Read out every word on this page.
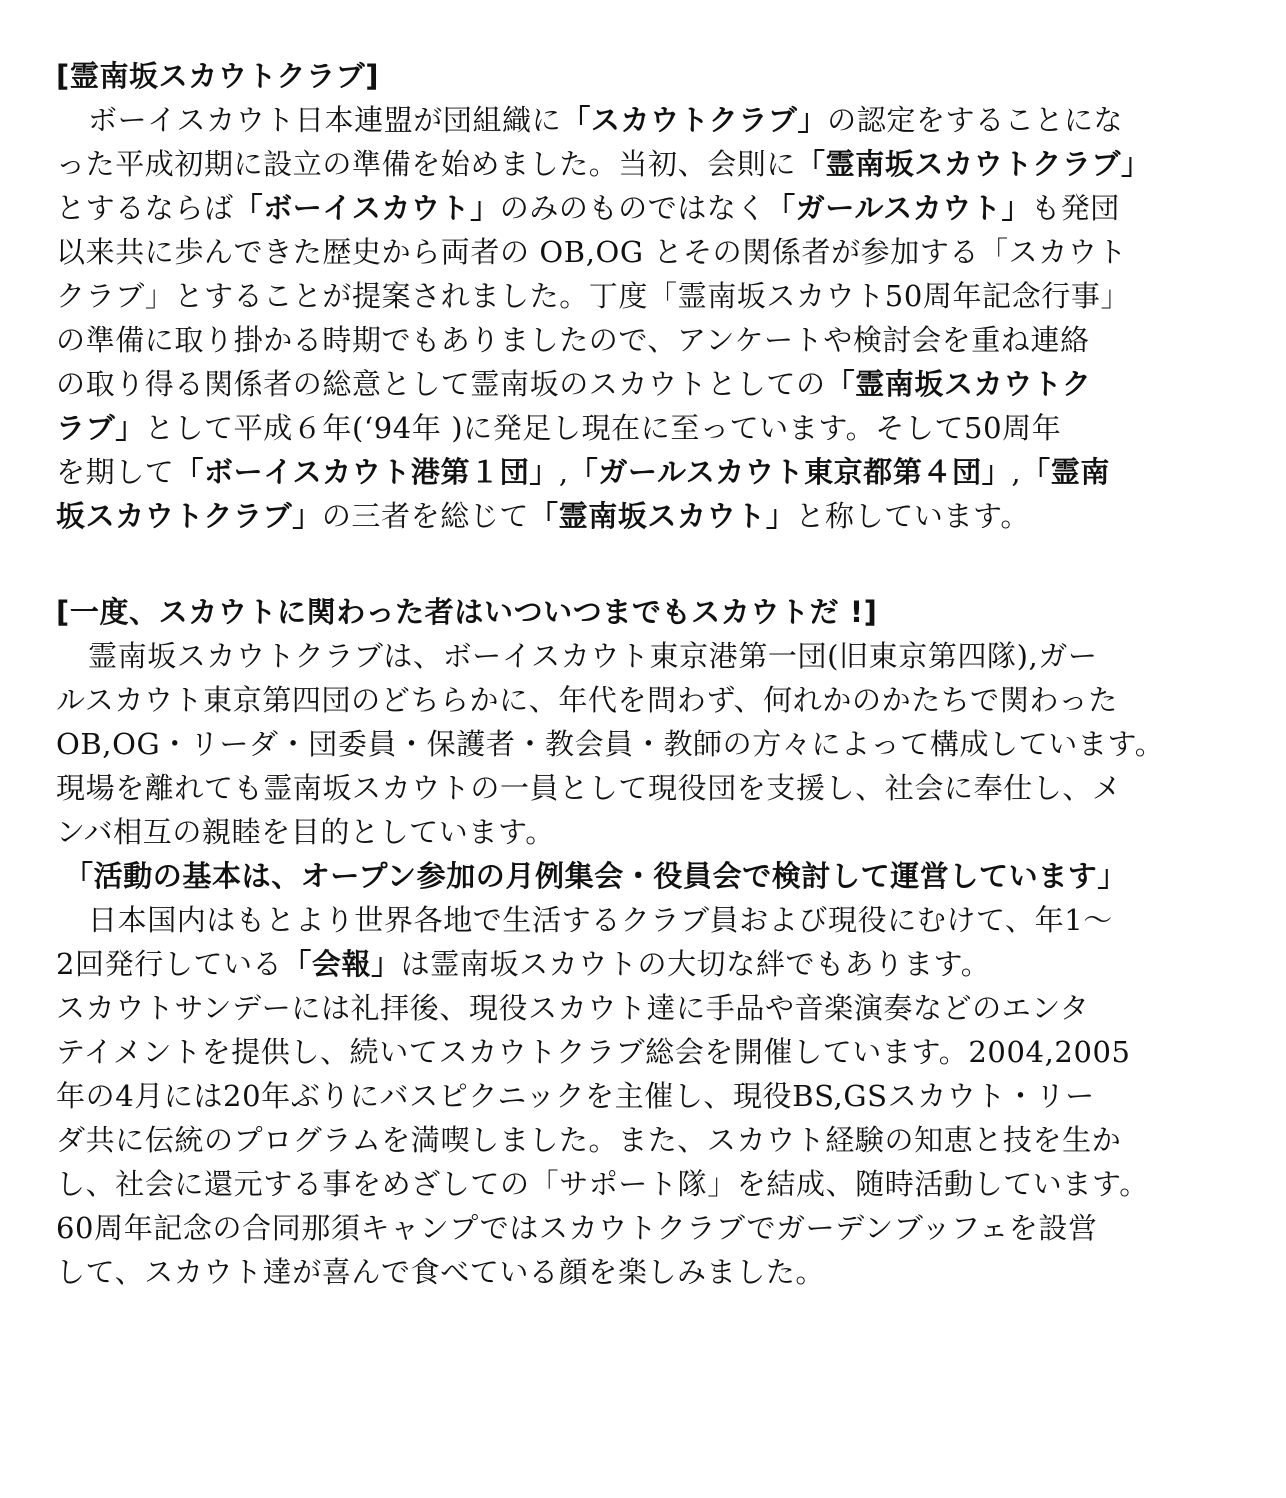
[霊南坂スカウトクラブ]
ボーイスカウト日本連盟が団組織に「スカウトクラブ」の認定をすることにな
った平成初期に設立の準備を始めました。当初、会則に「霊南坂スカウトクラブ」
とするならば「ボーイスカウト」のみのものではなく「ガールスカウト」も発団
以来共に歩んできた歴史から両者の OB,OG とその関係者が参加する「スカウト
クラブ」とすることが提案されました。丁度「霊南坂スカウト50周年記念行事」
の準備に取り掛かる時期でもありましたので、アンケートや検討会を重ね連絡
の取り得る関係者の総意として霊南坂のスカウトとしての「霊南坂スカウトク
ラブ」として平成６年(‘94年 )に発足し現在に至っています。そして50周年
を期して「ボーイスカウト港第１団」,「ガールスカウト東京都第４団」,「霊南
坂スカウトクラブ」の三者を総じて「霊南坂スカウト」と称しています。
[一度、スカウトに関わった者はいついつまでもスカウトだ !]
霊南坂スカウトクラブは、ボーイスカウト東京港第一団(旧東京第四隊),ガー
ルスカウト東京第四団のどちらかに、年代を問わず、何れかのかたちで関わった
OB,OG・リーダ・団委員・保護者・教会員・教師の方々によって構成しています。
現場を離れても霊南坂スカウトの一員として現役団を支援し、社会に奉仕し、メ
ンバ相互の親睦を目的としています。
「活動の基本は、オープン参加の月例集会・役員会で検討して運営しています」
日本国内はもとより世界各地で生活するクラブ員および現役にむけて、年1〜
2回発行している「会報」は霊南坂スカウトの大切な絆でもあります。
スカウトサンデーには礼拝後、現役スカウト達に手品や音楽演奏などのエンタ
テイメントを提供し、続いてスカウトクラブ総会を開催しています。2004,2005
年の4月には20年ぶりにバスピクニックを主催し、現役BS,GSスカウト・リー
ダ共に伝統のプログラムを満喫しました。また、スカウト経験の知恵と技を生か
し、社会に還元する事をめざしての「サポート隊」を結成、随時活動しています。
60周年記念の合同那須キャンプではスカウトクラブでガーデンブッフェを設営
して、スカウト達が喜んで食べている顔を楽しみました。
